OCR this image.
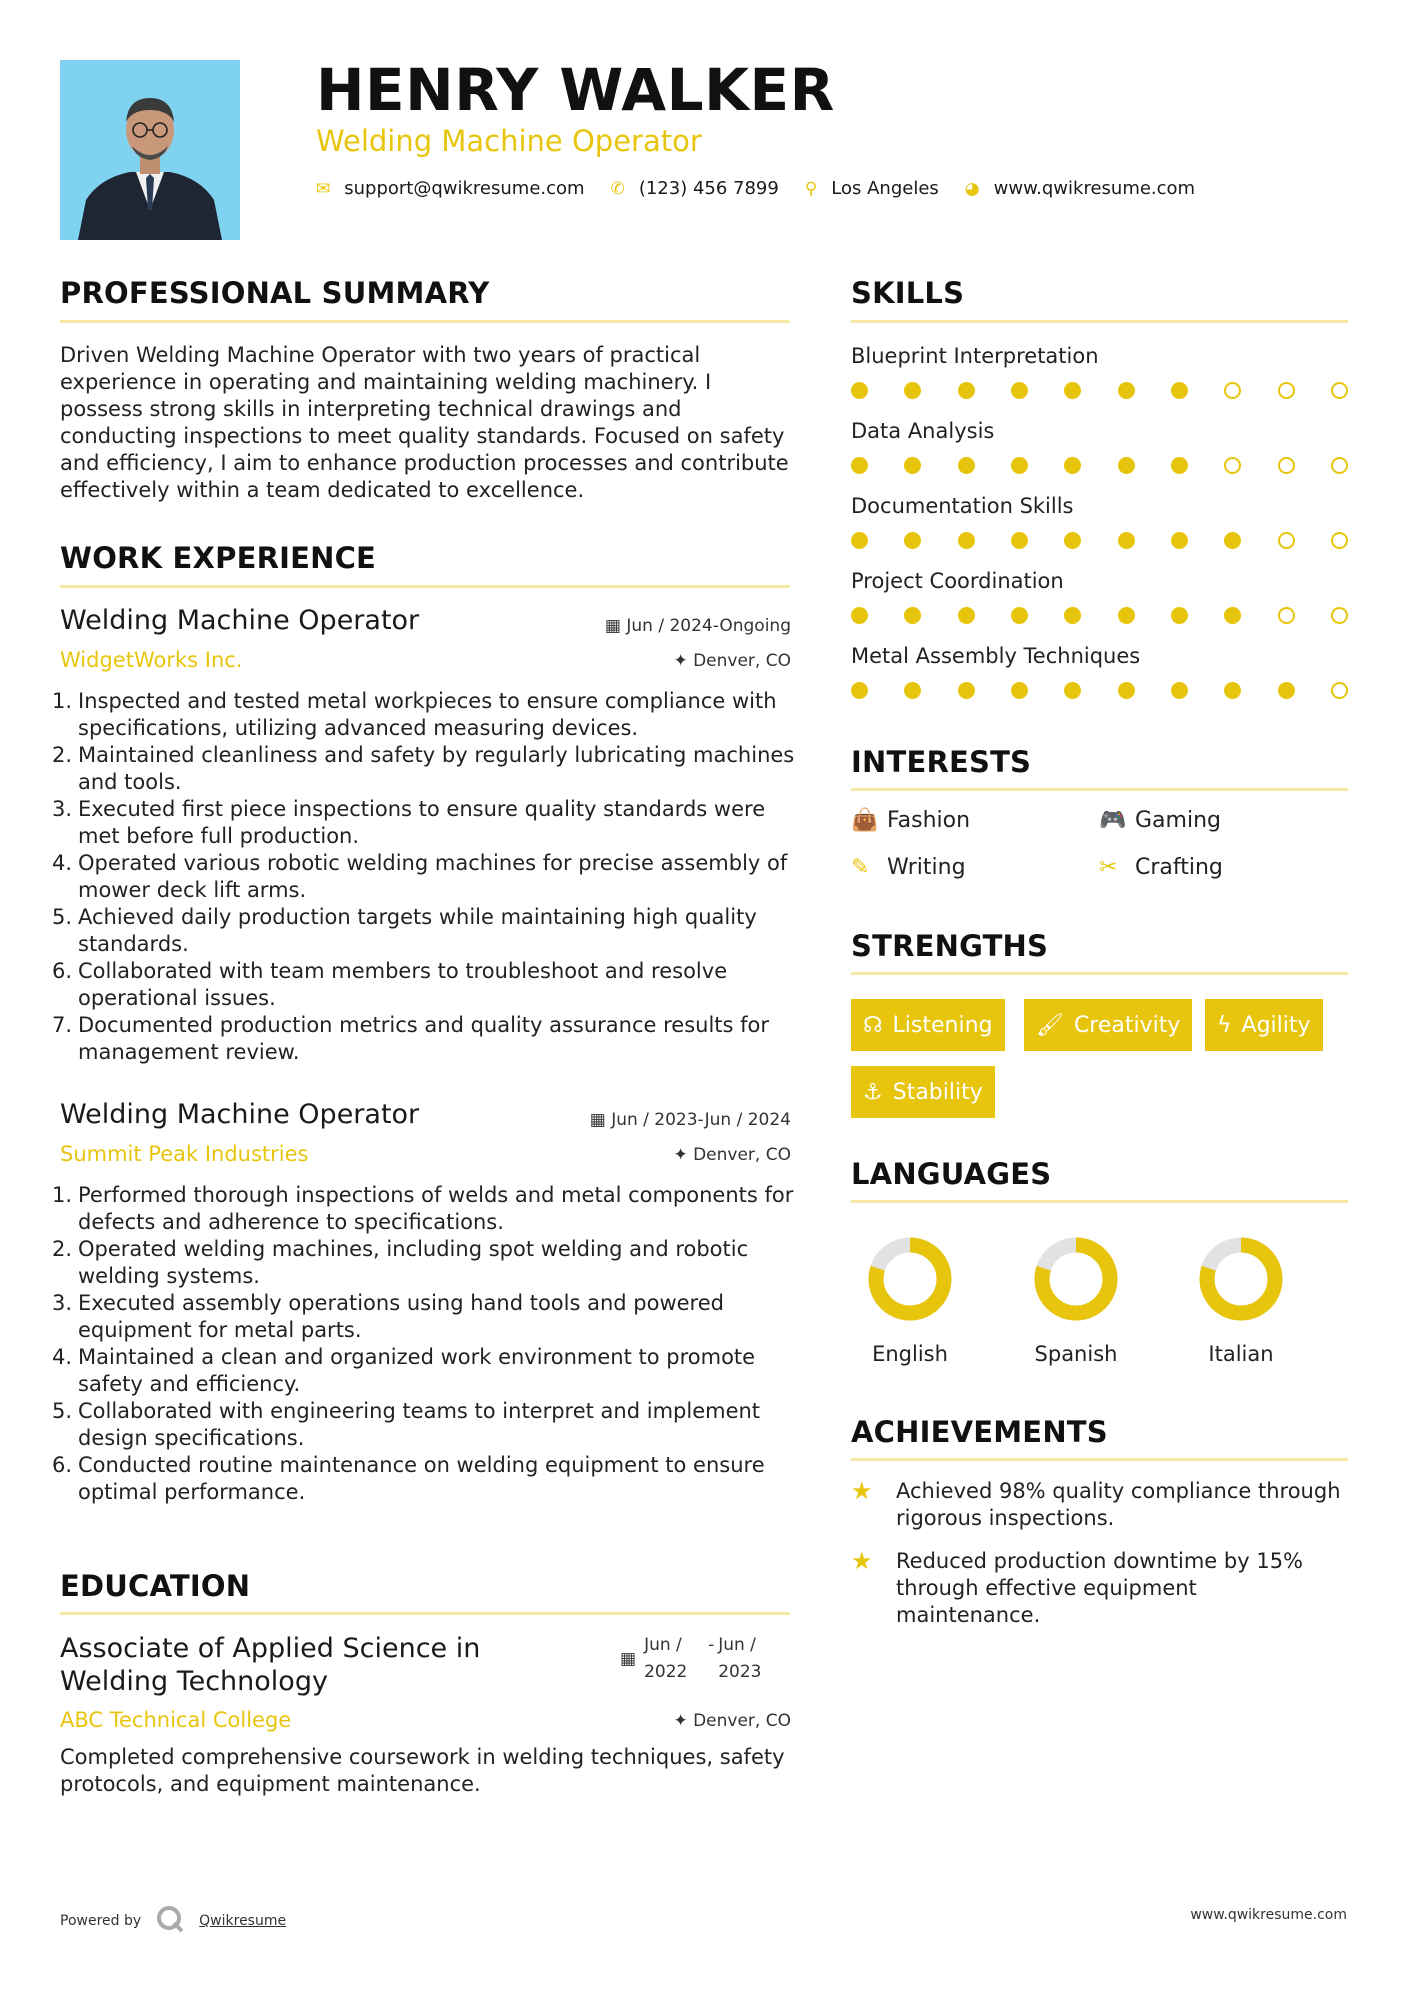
HENRY WALKER
Welding Machine Operator
✉ support@qwikresume.com ✆ (123) 456 7899 ⚲ Los Angeles ◕ www.qwikresume.com
PROFESSIONAL SUMMARY
Driven Welding Machine Operator with two years of practical experience in operating and maintaining welding machinery. I possess strong skills in interpreting technical drawings and conducting inspections to meet quality standards. Focused on safety and efficiency, I aim to enhance production processes and contribute effectively within a team dedicated to excellence.
WORK EXPERIENCE
Welding Machine Operator	▦ Jun / 2024-Ongoing
WidgetWorks Inc.	✦ Denver, CO
1. Inspected and tested metal workpieces to ensure compliance with specifications, utilizing advanced measuring devices.
2. Maintained cleanliness and safety by regularly lubricating machines and tools.
3. Executed first piece inspections to ensure quality standards were met before full production.
4. Operated various robotic welding machines for precise assembly of mower deck lift arms.
5. Achieved daily production targets while maintaining high quality standards.
6. Collaborated with team members to troubleshoot and resolve operational issues.
7. Documented production metrics and quality assurance results for management review.
Welding Machine Operator	▦ Jun / 2023-Jun / 2024
Summit Peak Industries	✦ Denver, CO
1. Performed thorough inspections of welds and metal components for defects and adherence to specifications.
2. Operated welding machines, including spot welding and robotic welding systems.
3. Executed assembly operations using hand tools and powered equipment for metal parts.
4. Maintained a clean and organized work environment to promote safety and efficiency.
5. Collaborated with engineering teams to interpret and implement design specifications.
6. Conducted routine maintenance on welding equipment to ensure optimal performance.
EDUCATION
Associate of Applied Science in Welding Technology
▦
Jun / 2022
- Jun / 2023
ABC Technical College	✦ Denver, CO
Completed comprehensive coursework in welding techniques, safety protocols, and equipment maintenance.
SKILLS
Blueprint Interpretation
Data Analysis
Documentation Skills
Project Coordination
Metal Assembly Techniques
INTERESTS
👜 Fashion	🎮 Gaming
✎ Writing	✂ Crafting
STRENGTHS
☊ Listening 🖌 Creativity ϟ Agility
⚓ Stability
LANGUAGES
English	Spanish	Italian
ACHIEVEMENTS
★	Achieved 98% quality compliance through rigorous inspections.
★	Reduced production downtime by 15% through effective equipment maintenance.
Powered by	Qwikresume	www.qwikresume.com
